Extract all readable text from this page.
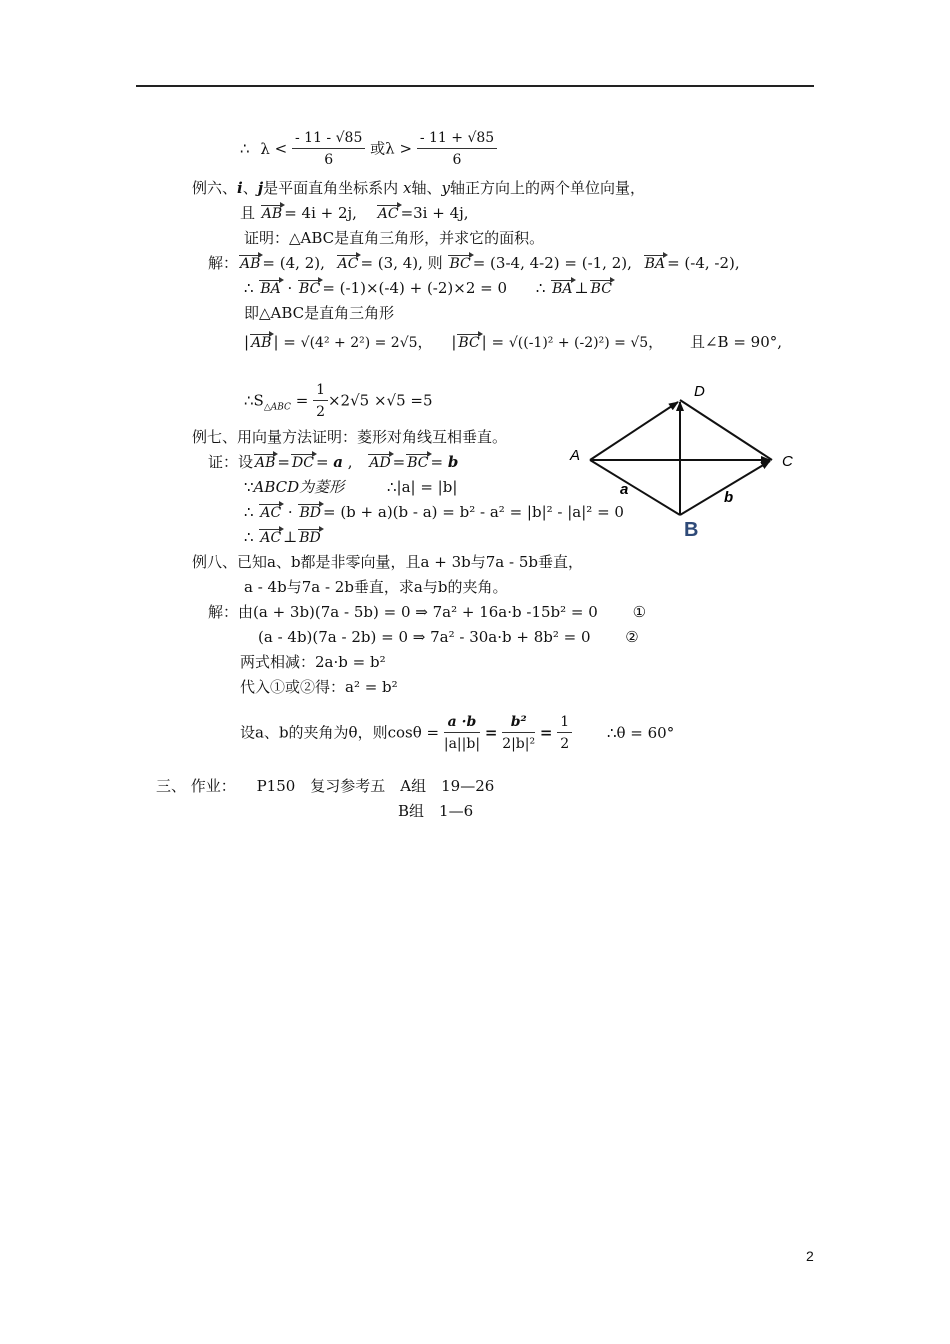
∴ $\lambda < \frac{- 11 - √85}{6}$ 或$\lambda > \frac{- 11 + √85}{6}$
例六、i、j是平面直角坐标系内 x轴、y轴正方向上的两个单位向量，
且 AB = 4i + 2j, AC =3i + 4j,
证明：△ABC是直角三角形，并求它的面积。
解： AB = (4, 2), AC = (3, 4), 则 BC = (3-4, 4-2) = (-1, 2), BA = (-4, -2),
∴ BA · BC = (-1)×(-4) + (-2)×2 = 0 ∴ BA ⊥ BC
即△ABC是直角三角形
| AB | = √(4² + 2²) = 2√5， | BC | = √((-1)² + (-2)²) = √5， 且∠B = 90°,
$\therefore S_{\triangle ABC} = \frac{1}{2} \times 2√5 \times√5 =5$
例七、用向量方法证明：菱形对角线互相垂直。
证：设 AB = DC = a , AD = BC = b
∵ABCD为菱形	∴|a| = |b|
∴ AC · BD = (b + a)(b - a) = b² - a² = |b|² - |a|² = 0
∴ AC ⊥ BD
D
A	C
a	b
B
例八、已知a、b都是非零向量，且a + 3b与7a - 5b垂直，
a - 4b与7a - 2b垂直，求a与b的夹角。
解：由(a + 3b)(7a - 5b) = 0 ⇒ 7a² + 16a·b -15b² = 0 ①
(a - 4b)(7a - 2b) = 0 ⇒ 7a² - 30a·b + 8b² = 0 ②
两式相减：2a·b = b²
代入①或②得：a² = b²
设a、b的夹角为θ，则$\cos\theta = \frac{a \cdot b}{|a||b|} = \frac{\text{b²}}{\text{2|b|²}} = \frac{1}{2}$ ∴θ = 60°
三、 作业： P150　复习参考五　A组　19—26
B组　1—6
2
